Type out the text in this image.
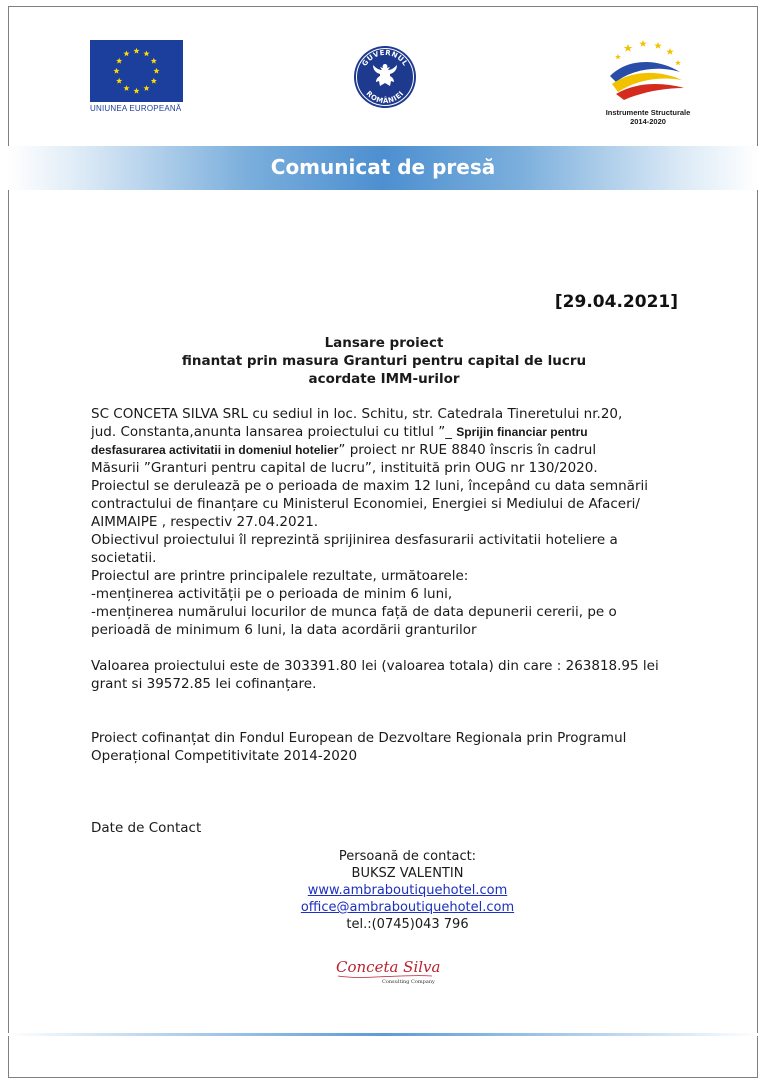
UNIUNEA EUROPEANĂ
GUVERNUL
ROMÂNIEI
Instrumente Structurale
2014-2020
Comunicat de presă
[29.04.2021]
Lansare proiect
finantat prin masura Granturi pentru capital de lucru
acordate IMM-urilor
SC CONCETA SILVA SRL cu sediul in loc. Schitu, str. Catedrala Tineretului nr.20,
jud. Constanta,anunta lansarea proiectului cu titlul ”_ Sprijin financiar pentru
desfasurarea activitatii in domeniul hotelier” proiect nr RUE 8840 înscris în cadrul
Măsurii ”Granturi pentru capital de lucru”, instituită prin OUG nr 130/2020.
Proiectul se derulează pe o perioada de maxim 12 luni, începând cu data semnării
contractului de finanțare cu Ministerul Economiei, Energiei si Mediului de Afaceri/
AIMMAIPE , respectiv 27.04.2021.
Obiectivul proiectului îl reprezintă sprijinirea desfasurarii activitatii hoteliere a
societatii.
Proiectul are printre principalele rezultate, următoarele:
-menținerea activității pe o perioada de minim 6 luni,
-menținerea numărului locurilor de munca față de data depunerii cererii, pe o
perioadă de minimum 6 luni, la data acordării granturilor
Valoarea proiectului este de 303391.80 lei (valoarea totala) din care : 263818.95 lei
grant si 39572.85 lei cofinanțare.
Proiect cofinanțat din Fondul European de Dezvoltare Regionala prin Programul
Operațional Competitivitate 2014-2020
Date de Contact
Persoană de contact:
BUKSZ VALENTIN
www.ambraboutiquehotel.com
office@ambraboutiquehotel.com
tel.:(0745)043 796
Conceta Silva
Consulting Company
